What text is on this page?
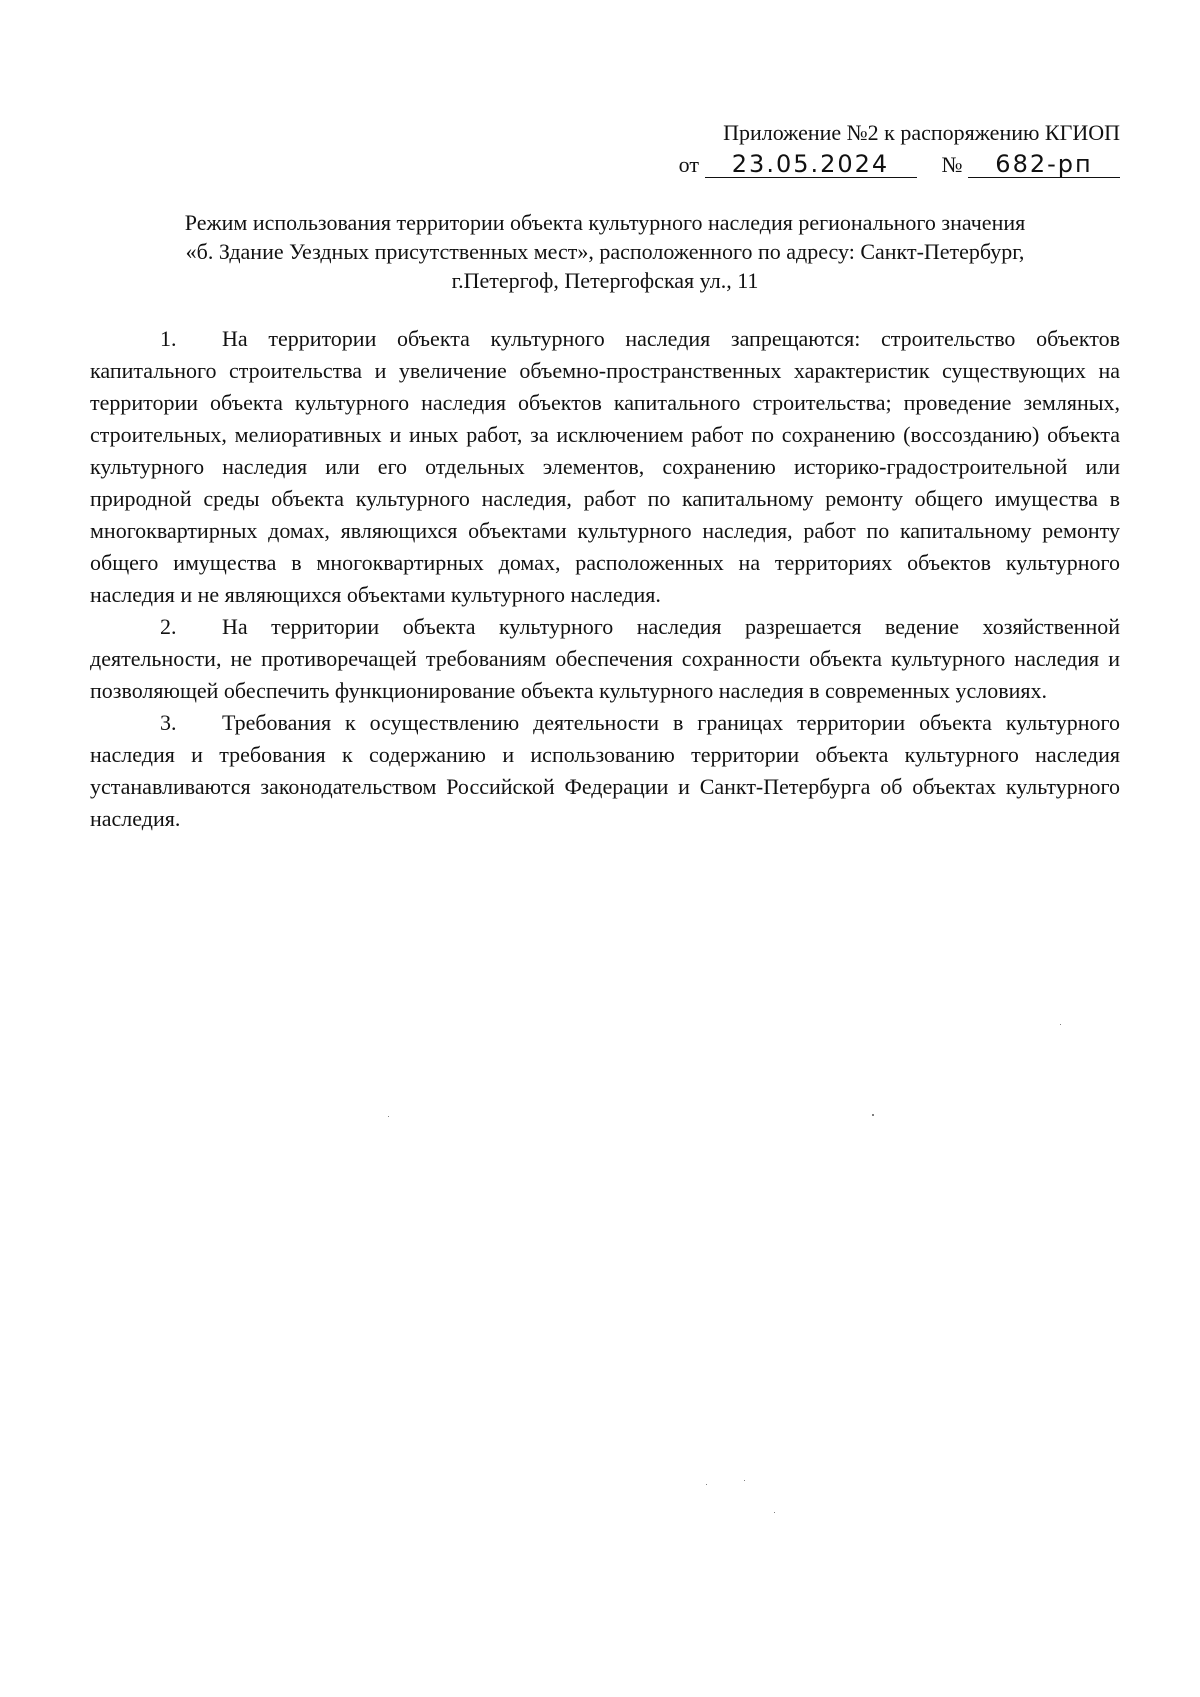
Приложение №2 к распоряжению КГИОП
от 23.05.2024 № 682-рп
Режим использования территории объекта культурного наследия регионального значения
«б. Здание Уездных присутственных мест», расположенного по адресу: Санкт-Петербург,
г.Петергоф, Петергофская ул., 11

1. На территории объекта культурного наследия запрещаются: строительство объектов капитального строительства и увеличение объемно-пространственных характеристик существующих на территории объекта культурного наследия объектов капитального строительства; проведение земляных, строительных, мелиоративных и иных работ, за исключением работ по сохранению (воссозданию) объекта культурного наследия или его отдельных элементов, сохранению историко-градостроительной или природной среды объекта культурного наследия, работ по капитальному ремонту общего имущества в многоквартирных домах, являющихся объектами культурного наследия, работ по капитальному ремонту общего имущества в многоквартирных домах, расположенных на территориях объектов культурного наследия и не являющихся объектами культурного наследия.

2. На территории объекта культурного наследия разрешается ведение хозяйственной деятельности, не противоречащей требованиям обеспечения сохранности объекта культурного наследия и позволяющей обеспечить функционирование объекта культурного наследия в современных условиях.

3. Требования к осуществлению деятельности в границах территории объекта культурного наследия и требования к содержанию и использованию территории объекта культурного наследия устанавливаются законодательством Российской Федерации и Санкт-Петербурга об объектах культурного наследия.
